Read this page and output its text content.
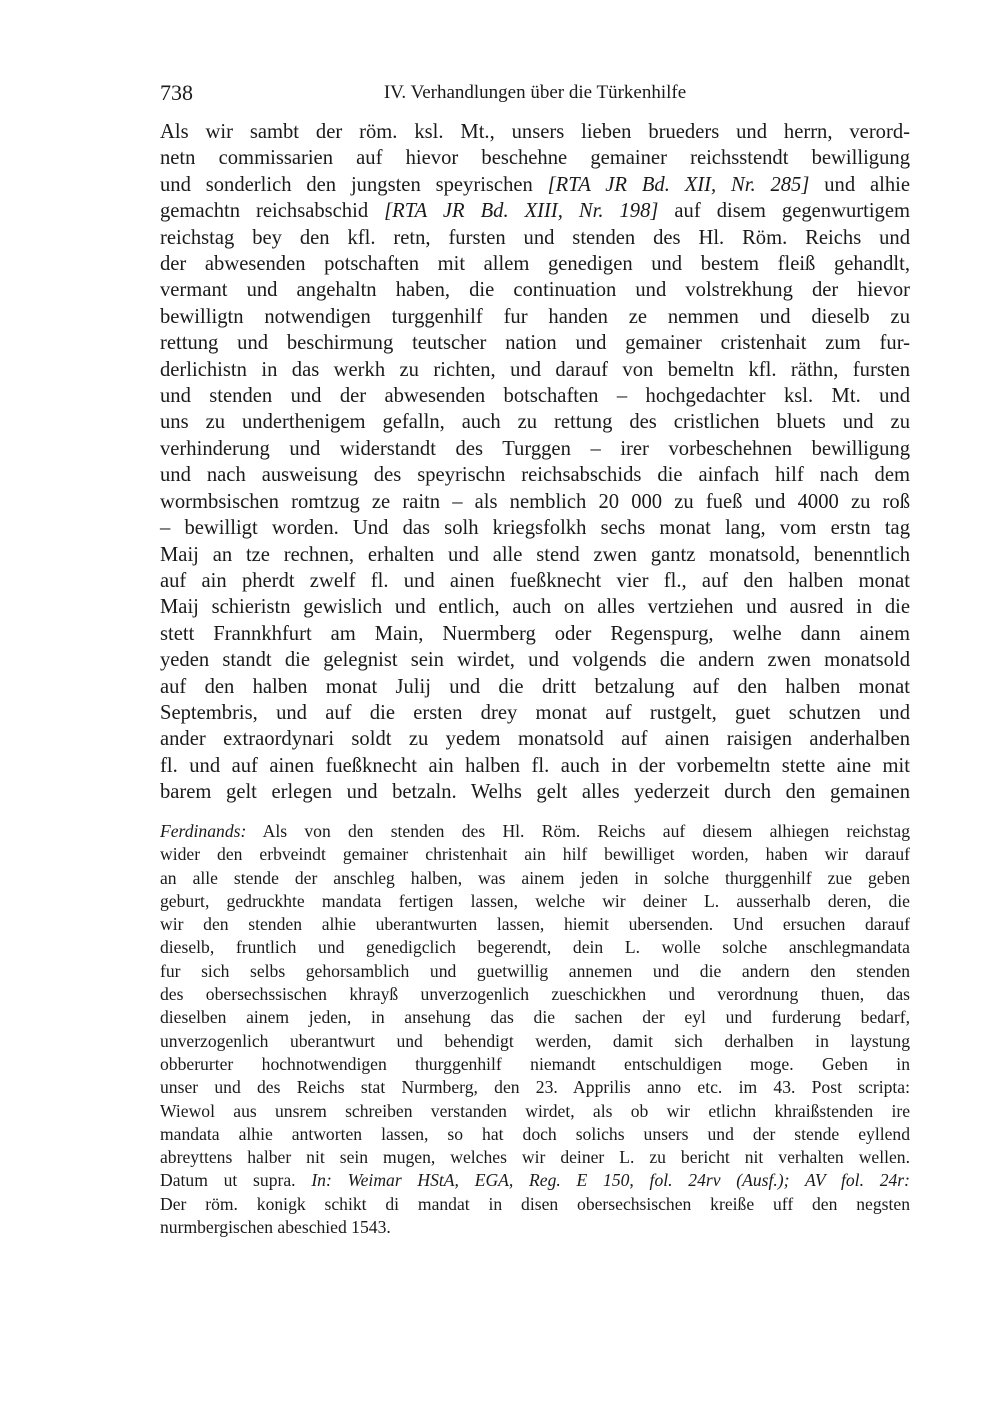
738	IV. Verhandlungen über die Türkenhilfe
Als wir sambt der röm. ksl. Mt., unsers lieben brueders und herrn, verord-
netn commissarien auf hievor beschehne gemainer reichsstendt bewilligung
und sonderlich den jungsten speyrischen [RTA JR Bd. XII, Nr. 285] und alhie
gemachtn reichsabschid [RTA JR Bd. XIII, Nr. 198] auf disem gegenwurtigem
reichstag bey den kfl. retn, fursten und stenden des Hl. Röm. Reichs und
der abwesenden potschaften mit allem genedigen und bestem fleiß gehandlt,
vermant und angehaltn haben, die continuation und volstrekhung der hievor
bewilligtn notwendigen turggenhilf fur handen ze nemmen und dieselb zu
rettung und beschirmung teutscher nation und gemainer cristenhait zum fur-
derlichistn in das werkh zu richten, und darauf von bemeltn kfl. räthn, fursten
und stenden und der abwesenden botschaften – hochgedachter ksl. Mt. und
uns zu underthenigem gefalln, auch zu rettung des cristlichen bluets und zu
verhinderung und widerstandt des Turggen – irer vorbeschehnen bewilligung
und nach ausweisung des speyrischn reichsabschids die ainfach hilf nach dem
wormbsischen romtzug ze raitn – als nemblich 20 000 zu fueß und 4000 zu roß
– bewilligt worden. Und das solh kriegsfolkh sechs monat lang, vom erstn tag
Maij an tze rechnen, erhalten und alle stend zwen gantz monatsold, benenntlich
auf ain pherdt zwelf fl. und ainen fueßknecht vier fl., auf den halben monat
Maij schieristn gewislich und entlich, auch on alles vertziehen und ausred in die
stett Frannkhfurt am Main, Nuermberg oder Regenspurg, welhe dann ainem
yeden standt die gelegnist sein wirdet, und volgends die andern zwen monatsold
auf den halben monat Julij und die dritt betzalung auf den halben monat
Septembris, und auf die ersten drey monat auf rustgelt, guet schutzen und
ander extraordynari soldt zu yedem monatsold auf ainen raisigen anderhalben
fl. und auf ainen fueßknecht ain halben fl. auch in der vorbemeltn stette aine mit
barem gelt erlegen und betzaln. Welhs gelt alles yederzeit durch den gemainen
Ferdinands: Als von den stenden des Hl. Röm. Reichs auf diesem alhiegen reichstag
wider den erbveindt gemainer christenhait ain hilf bewilliget worden, haben wir darauf
an alle stende der anschleg halben, was ainem jeden in solche thurggenhilf zue geben
geburt, gedruckhte mandata fertigen lassen, welche wir deiner L. ausserhalb deren, die
wir den stenden alhie uberantwurten lassen, hiemit ubersenden. Und ersuchen darauf
dieselb, fruntlich und genedigclich begerendt, dein L. wolle solche anschlegmandata
fur sich selbs gehorsamblich und guetwillig annemen und die andern den stenden
des obersechssischen khrayß unverzogenlich zueschickhen und verordnung thuen, das
dieselben ainem jeden, in ansehung das die sachen der eyl und furderung bedarf,
unverzogenlich uberantwurt und behendigt werden, damit sich derhalben in laystung
obberurter hochnotwendigen thurggenhilf niemandt entschuldigen moge. Geben in
unser und des Reichs stat Nurmberg, den 23. Apprilis anno etc. im 43. Post scripta:
Wiewol aus unsrem schreiben verstanden wirdet, als ob wir etlichn khraißstenden ire
mandata alhie antworten lassen, so hat doch solichs unsers und der stende eyllend
abreyttens halber nit sein mugen, welches wir deiner L. zu bericht nit verhalten wellen.
Datum ut supra. In: Weimar HStA, EGA, Reg. E 150, fol. 24rv (Ausf.); AV fol. 24r:
Der röm. konigk schikt di mandat in disen obersechsischen kreiße uff den negsten
nurmbergischen abeschied 1543.
